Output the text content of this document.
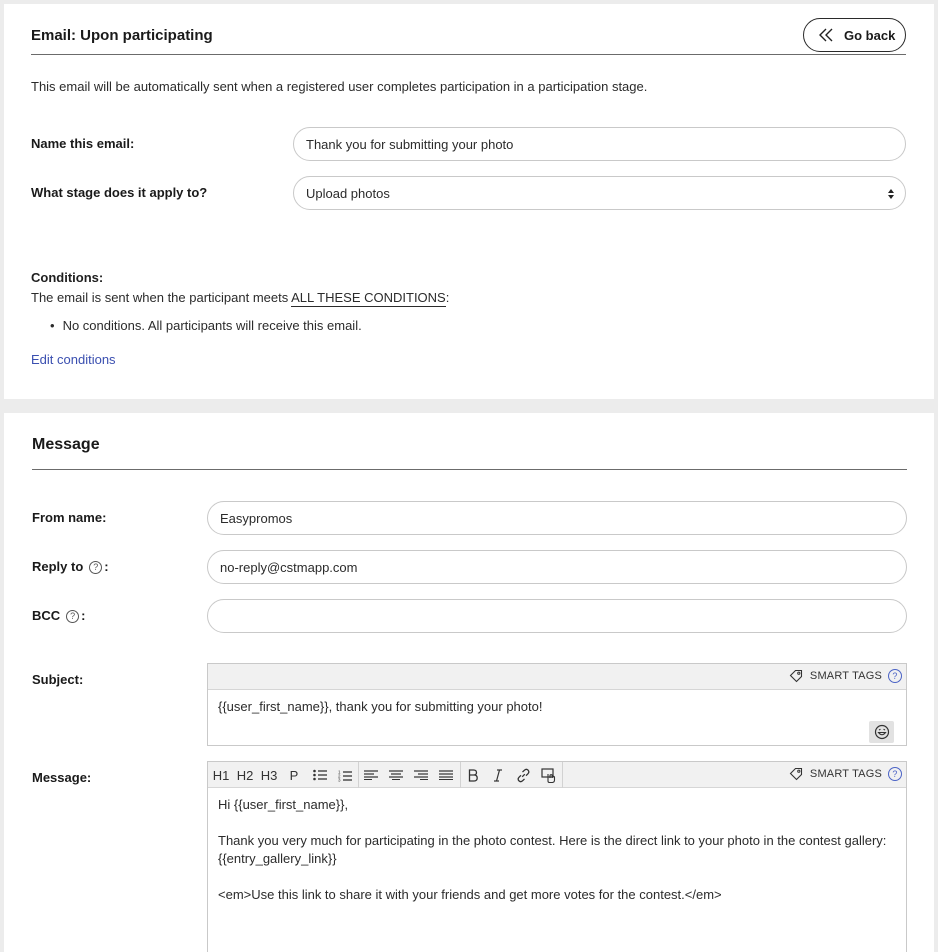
Email: Upon participating	Go back
This email will be automatically sent when a registered user completes participation in a participation stage.
Name this email:	Thank you for submitting your photo
What stage does it apply to?	Upload photos
Conditions:
The email is sent when the participant meets ALL THESE CONDITIONS:
• No conditions. All participants will receive this email.
Edit conditions
Message
From name:	Easypromos
Reply to ? :	no-reply@cstmapp.com
BCC ? :
Subject:	SMART TAGS	?
{{user_first_name}}, thank you for submitting your photo!
Message:	H1 H2 H3 P	1
2
3	SMART TAGS	?

Hi {{user_first_name}},

Thank you very much for participating in the photo contest. Here is the direct link to your photo in the contest gallery: {{entry_gallery_link}}

<em>Use this link to share it with your friends and get more votes for the contest.</em>
